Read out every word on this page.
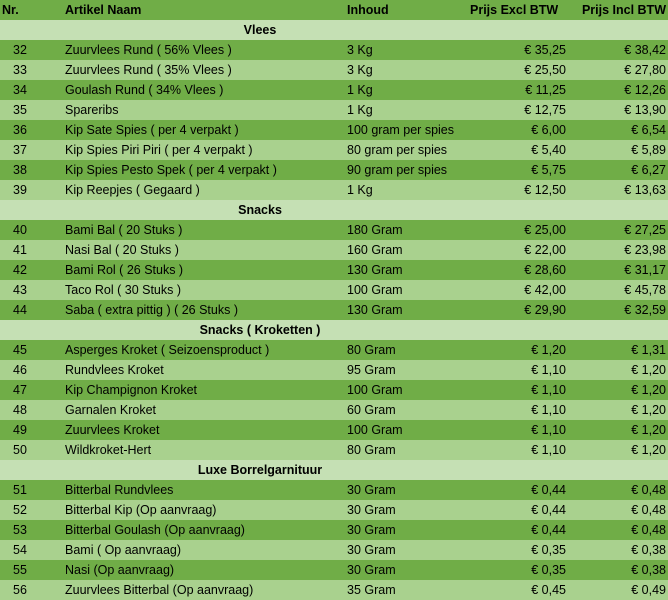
Nr.	Artikel Naam	Inhoud	Prijs Excl BTW	Prijs Incl BTW
Vlees
32	Zuurvlees Rund ( 56% Vlees )	3 Kg	€ 35,25	€ 38,42
33	Zuurvlees Rund ( 35% Vlees )	3 Kg	€ 25,50	€ 27,80
34	Goulash Rund ( 34% Vlees )	1 Kg	€ 11,25	€ 12,26
35	Spareribs	1 Kg	€ 12,75	€ 13,90
36	Kip Sate Spies ( per 4 verpakt )	100 gram per spies	€ 6,00	€ 6,54
37	Kip Spies Piri Piri ( per 4 verpakt )	80 gram per spies	€ 5,40	€ 5,89
38	Kip Spies Pesto Spek ( per 4 verpakt )	90 gram per spies	€ 5,75	€ 6,27
39	Kip Reepjes ( Gegaard )	1 Kg	€ 12,50	€ 13,63
Snacks
40	Bami Bal ( 20 Stuks )	180 Gram	€ 25,00	€ 27,25
41	Nasi Bal ( 20 Stuks )	160 Gram	€ 22,00	€ 23,98
42	Bami Rol ( 26 Stuks )	130 Gram	€ 28,60	€ 31,17
43	Taco Rol ( 30 Stuks )	100 Gram	€ 42,00	€ 45,78
44	Saba ( extra pittig ) ( 26 Stuks )	130 Gram	€ 29,90	€ 32,59
Snacks ( Kroketten )
45	Asperges Kroket ( Seizoensproduct )	80 Gram	€ 1,20	€ 1,31
46	Rundvlees Kroket	95 Gram	€ 1,10	€ 1,20
47	Kip Champignon Kroket	100 Gram	€ 1,10	€ 1,20
48	Garnalen Kroket	60 Gram	€ 1,10	€ 1,20
49	Zuurvlees Kroket	100 Gram	€ 1,10	€ 1,20
50	Wildkroket-Hert	80 Gram	€ 1,10	€ 1,20
Luxe Borrelgarnituur
51	Bitterbal Rundvlees	30 Gram	€ 0,44	€ 0,48
52	Bitterbal Kip (Op aanvraag)	30 Gram	€ 0,44	€ 0,48
53	Bitterbal Goulash (Op aanvraag)	30 Gram	€ 0,44	€ 0,48
54	Bami ( Op aanvraag)	30 Gram	€ 0,35	€ 0,38
55	Nasi (Op aanvraag)	30 Gram	€ 0,35	€ 0,38
56	Zuurvlees Bitterbal (Op aanvraag)	35 Gram	€ 0,45	€ 0,49
